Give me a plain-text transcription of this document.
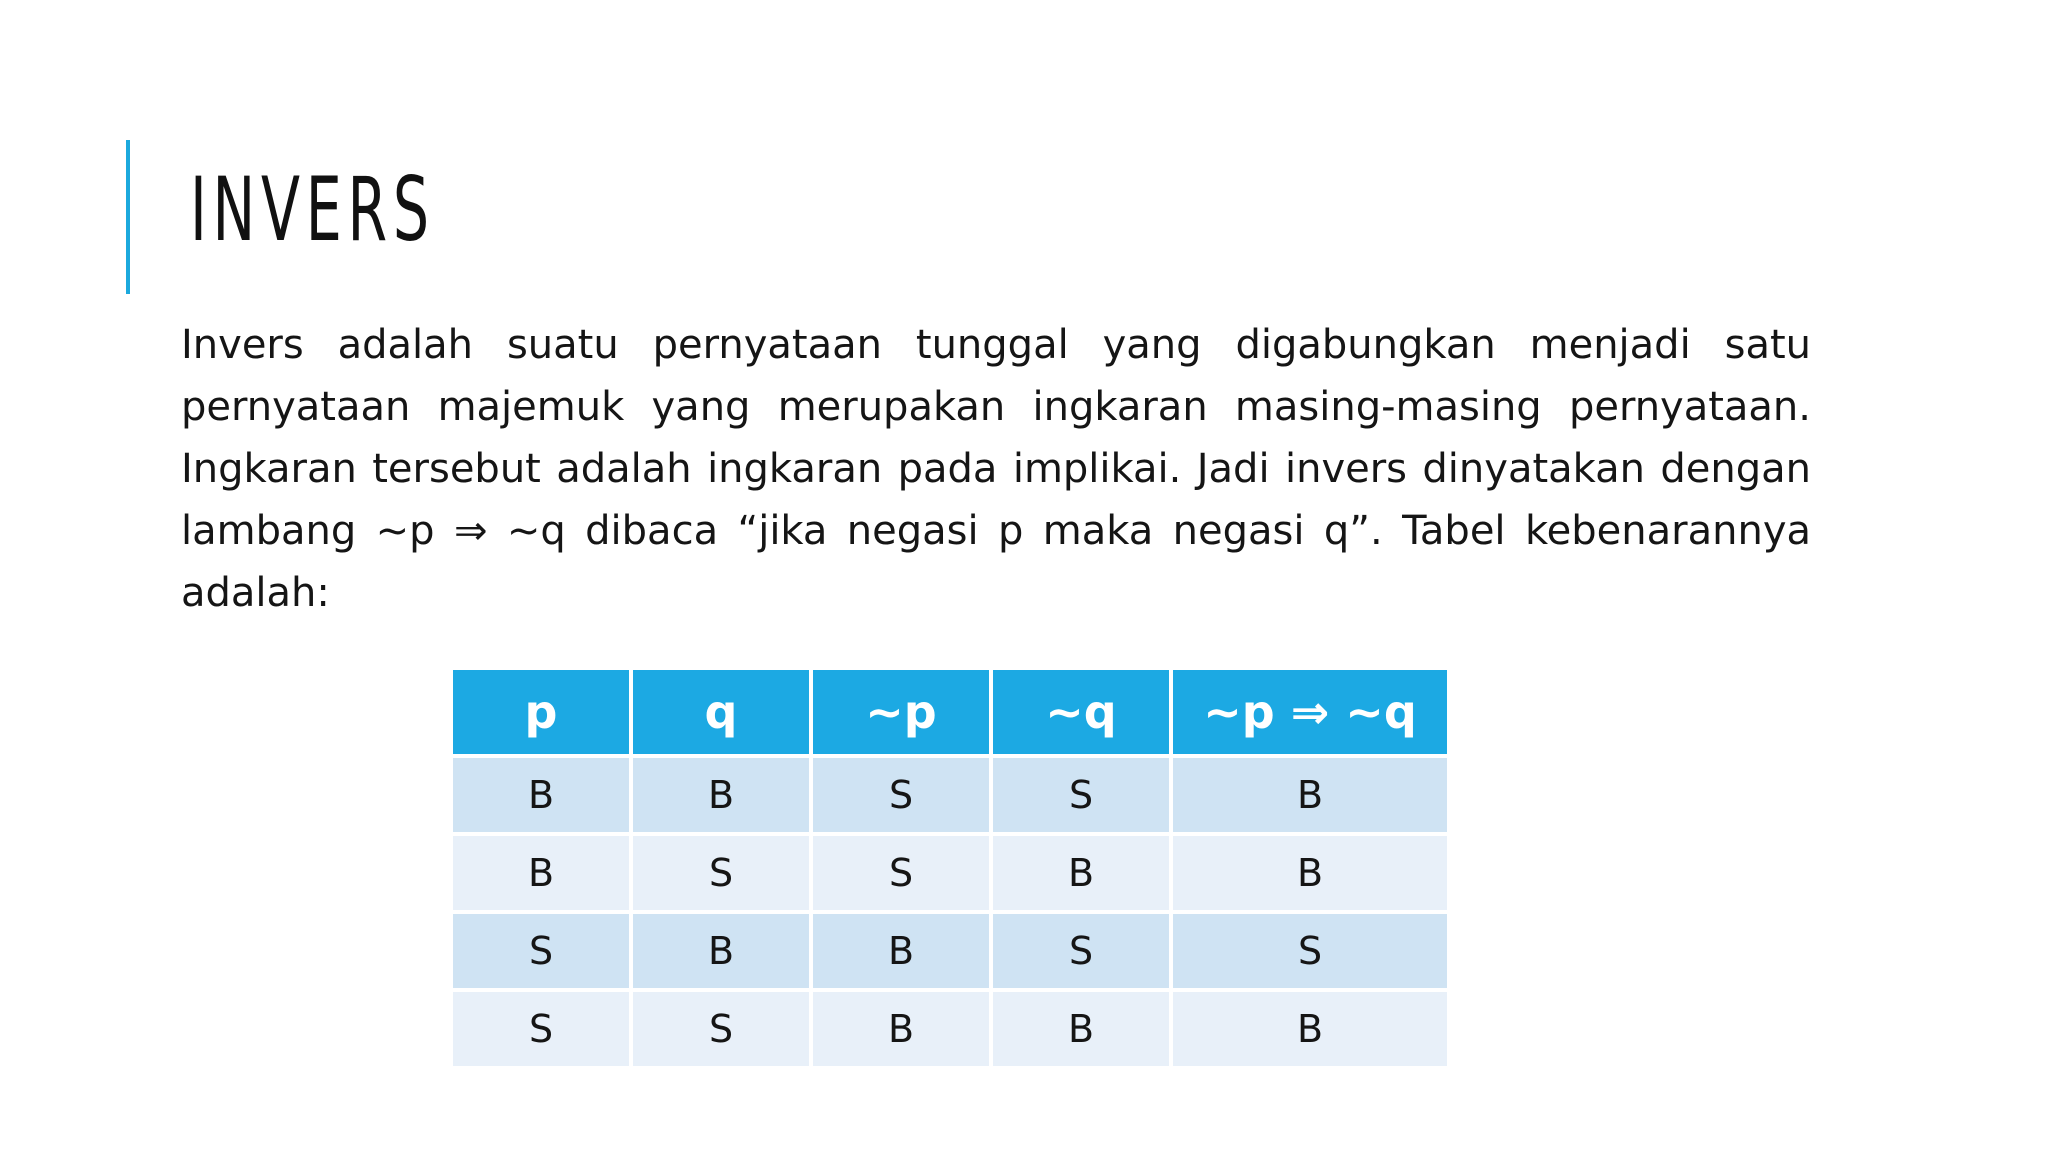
INVERS

Invers adalah suatu pernyataan tunggal yang digabungkan menjadi satu pernyataan majemuk yang merupakan ingkaran masing-masing pernyataan. Ingkaran tersebut adalah ingkaran pada implikai. Jadi invers dinyatakan dengan lambang ~p ⇒ ~q dibaca “jika negasi p maka negasi q”. Tabel kebenarannya adalah:

p	q	~p	~q	~p ⇒ ~q
B	B	S	S	B
B	S	S	B	B
S	B	B	S	S
S	S	B	B	B
